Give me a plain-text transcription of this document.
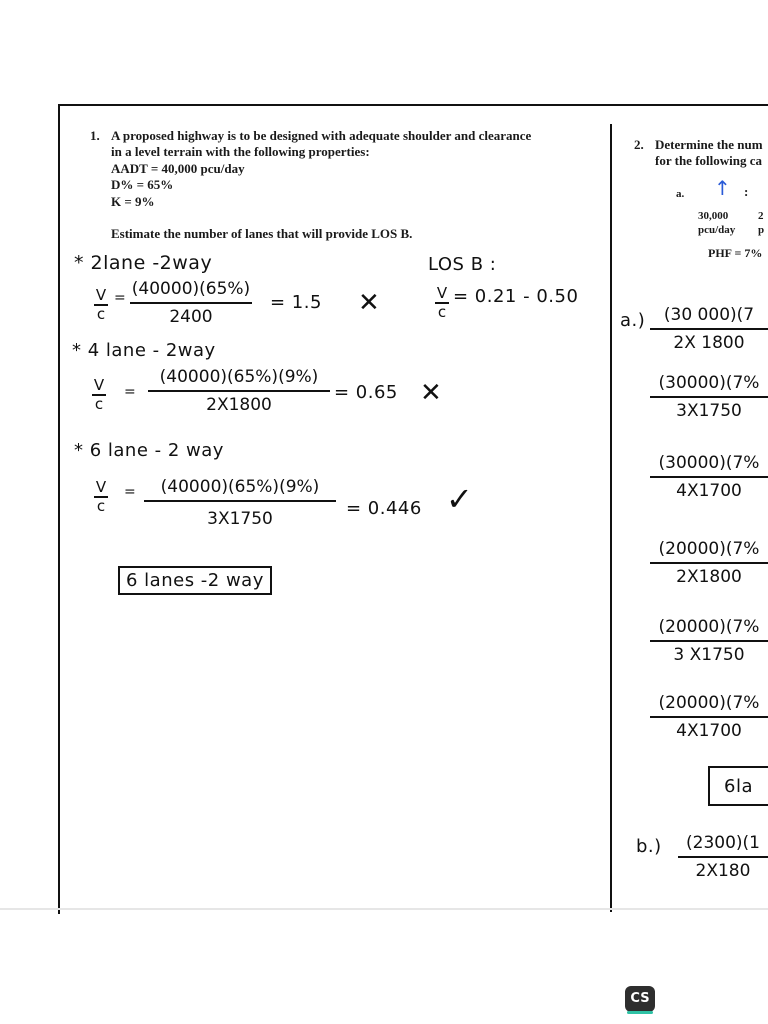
1. A proposed highway is to be designed with adequate shoulder and clearance
in a level terrain with the following properties:
AADT = 40,000 pcu/day
D% = 65%
K = 9%
Estimate the number of lanes that will provide LOS B.
* 2lane -2way	LOS B :
V
c
= (40000)(65%)
2400
= 1.5 ✕	V
c
= 0.21 - 0.50
* 4 lane - 2way
V
c
=
(40000)(65%)(9%)
2X1800
= 0.65 ✕
* 6 lane - 2 way
V
c
=	(40000)(65%)(9%)
3X1750	= 0.446 ✓
6 lanes -2 way
2. Determine the num
for the following ca
a. ↑ :
30,000	2
pcu/day p
PHF = 7%
a.)	(30 000)(7
2X 1800
(30000)(7%
3X1750
(30000)(7%
4X1700
(20000)(7%
2X1800
(20000)(7%
3 X1750
(20000)(7%
4X1700
6la
b.)	(2300)(1
2X180
CS
